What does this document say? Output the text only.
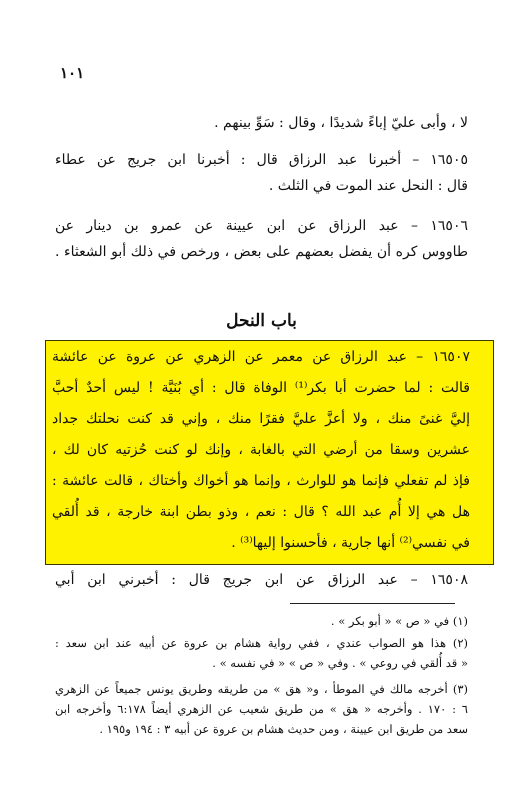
١٠١
لا ، وأبى عليّ إباءً شديدًا ، وقال : سَوِّ بينهم .
١٦٥٠٥ – أخبرنا عبد الرزاق قال : أخبرنا ابن جريج عن عطاء
قال : النحل عند الموت في الثلث .
١٦٥٠٦ – عبد الرزاق عن ابن عيينة عن عمرو بن دينار عن
طاووس كره أن يفضل بعضهم على بعض ، ورخص في ذلك أبو الشعثاء .
باب النحل
١٦٥٠٧ – عبد الرزاق عن معمر عن الزهري عن عروة عن عائشة
قالت : لما حضرت أبا بكر⁽¹⁾ الوفاة قال : أي بُنَيَّة ! ليس أحدٌ أحبَّ
إليَّ غنىً منك ، ولا أعزَّ عليَّ فقرًا منك ، وإني قد كنت نحلتك جداد
عشرين وسقا من أرضي التي بالغابة ، وإنك لو كنت حُزتيه كان لك ،
فإذ لم تفعلي فإنما هو للوارث ، وإنما هو أخواك وأختاك ، قالت عائشة :
هل هي إلا أُم عبد الله ؟ قال : نعم ، وذو بطن ابنة خارجة ، قد أُلقي
في نفسي⁽²⁾ أنها جارية ، فأحسنوا إليها⁽³⁾ .
١٦٥٠٨ – عبد الرزاق عن ابن جريج قال : أخبرني ابن أبي
(١) في « ص » « أبو بكر » .
(٢) هذا هو الصواب عندي ، ففي رواية هشام بن عروة عن أبيه عند ابن سعد :
« قد أُلقي في روعي » . وفي « ص » « في نفسه » .
(٣) أخرجه مالك في الموطأ ، و« هق » من طريقه وطريق يونس جميعاً عن الزهري
٦ : ١٧٠ . وأخرجه « هق » من طريق شعيب عن الزهري أيضاً ٦:١٧٨ وأخرجه ابن
سعد من طريق ابن عيينة ، ومن حديث هشام بن عروة عن أبيه ٣ : ١٩٤ و١٩٥ .
